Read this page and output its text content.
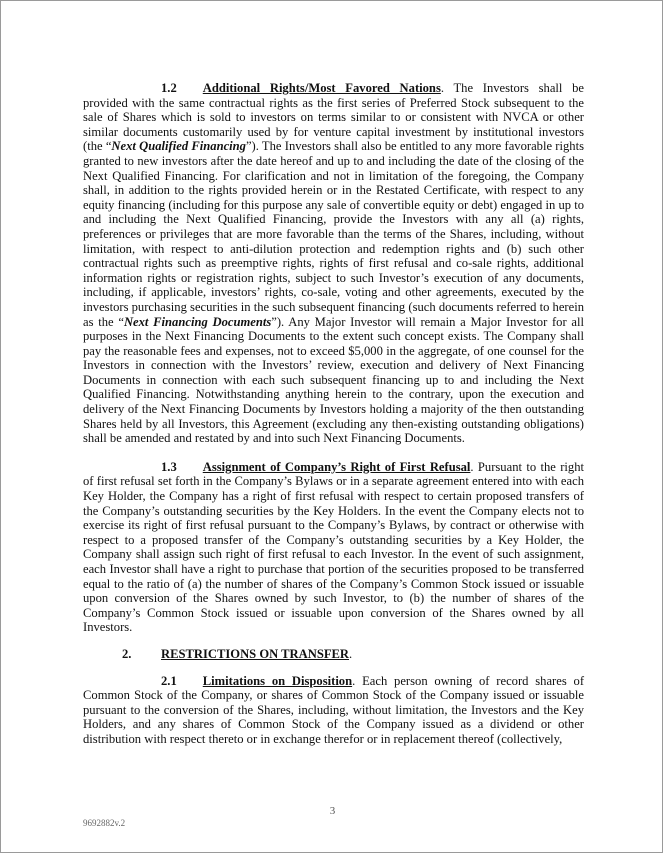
1.2 Additional Rights/Most Favored Nations. The Investors shall be provided with the same contractual rights as the first series of Preferred Stock subsequent to the sale of Shares which is sold to investors on terms similar to or consistent with NVCA or other similar documents customarily used by for venture capital investment by institutional investors (the “Next Qualified Financing”). The Investors shall also be entitled to any more favorable rights granted to new investors after the date hereof and up to and including the date of the closing of the Next Qualified Financing. For clarification and not in limitation of the foregoing, the Company shall, in addition to the rights provided herein or in the Restated Certificate, with respect to any equity financing (including for this purpose any sale of convertible equity or debt) engaged in up to and including the Next Qualified Financing, provide the Investors with any all (a) rights, preferences or privileges that are more favorable than the terms of the Shares, including, without limitation, with respect to anti-dilution protection and redemption rights and (b) such other contractual rights such as preemptive rights, rights of first refusal and co-sale rights, additional information rights or registration rights, subject to such Investor’s execution of any documents, including, if applicable, investors’ rights, co-sale, voting and other agreements, executed by the investors purchasing securities in the such subsequent financing (such documents referred to herein as the “Next Financing Documents”). Any Major Investor will remain a Major Investor for all purposes in the Next Financing Documents to the extent such concept exists. The Company shall pay the reasonable fees and expenses, not to exceed $5,000 in the aggregate, of one counsel for the Investors in connection with the Investors’ review, execution and delivery of Next Financing Documents in connection with each such subsequent financing up to and including the Next Qualified Financing. Notwithstanding anything herein to the contrary, upon the execution and delivery of the Next Financing Documents by Investors holding a majority of the then outstanding Shares held by all Investors, this Agreement (excluding any then-existing outstanding obligations) shall be amended and restated by and into such Next Financing Documents.

1.3 Assignment of Company’s Right of First Refusal. Pursuant to the right of first refusal set forth in the Company’s Bylaws or in a separate agreement entered into with each Key Holder, the Company has a right of first refusal with respect to certain proposed transfers of the Company’s outstanding securities by the Key Holders. In the event the Company elects not to exercise its right of first refusal pursuant to the Company’s Bylaws, by contract or otherwise with respect to a proposed transfer of the Company’s outstanding securities by a Key Holder, the Company shall assign such right of first refusal to each Investor. In the event of such assignment, each Investor shall have a right to purchase that portion of the securities proposed to be transferred equal to the ratio of (a) the number of shares of the Company’s Common Stock issued or issuable upon conversion of the Shares owned by such Investor, to (b) the number of shares of the Company’s Common Stock issued or issuable upon conversion of the Shares owned by all Investors.

2. RESTRICTIONS ON TRANSFER.

2.1 Limitations on Disposition. Each person owning of record shares of Common Stock of the Company, or shares of Common Stock of the Company issued or issuable pursuant to the conversion of the Shares, including, without limitation, the Investors and the Key Holders, and any shares of Common Stock of the Company issued as a dividend or other distribution with respect thereto or in exchange therefor or in replacement thereof (collectively,

3
9692882v.2
